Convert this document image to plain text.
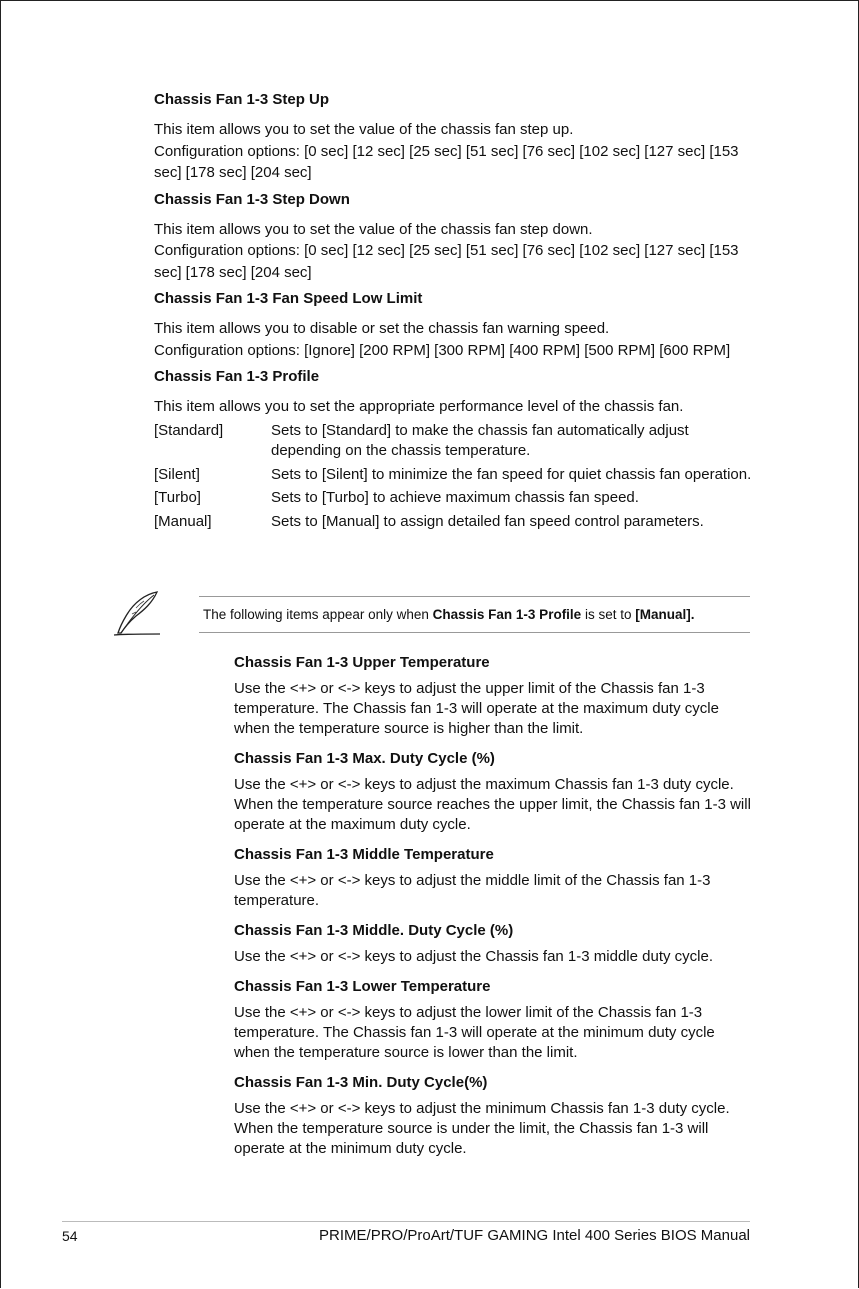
Chassis Fan 1-3 Step Up

This item allows you to set the value of the chassis fan step up.

Configuration options: [0 sec] [12 sec] [25 sec] [51 sec] [76 sec] [102 sec] [127 sec] [153 sec] [178 sec] [204 sec]

Chassis Fan 1-3 Step Down

This item allows you to set the value of the chassis fan step down.

Configuration options: [0 sec] [12 sec] [25 sec] [51 sec] [76 sec] [102 sec] [127 sec] [153 sec] [178 sec] [204 sec]

Chassis Fan 1-3 Fan Speed Low Limit

This item allows you to disable or set the chassis fan warning speed.

Configuration options: [Ignore] [200 RPM] [300 RPM] [400 RPM] [500 RPM] [600 RPM]

Chassis Fan 1-3 Profile

This item allows you to set the appropriate performance level of the chassis fan.

[Standard]	Sets to [Standard] to make the chassis fan automatically adjust depending on the chassis temperature.
[Silent]	Sets to [Silent] to minimize the fan speed for quiet chassis fan operation.
[Turbo]	Sets to [Turbo] to achieve maximum chassis fan speed.
[Manual]	Sets to [Manual] to assign detailed fan speed control parameters.
The following items appear only when Chassis Fan 1-3 Profile is set to [Manual].
Chassis Fan 1-3 Upper Temperature

Use the <+> or <-> keys to adjust the upper limit of the Chassis fan 1-3 temperature. The Chassis fan 1-3 will operate at the maximum duty cycle when the temperature source is higher than the limit.

Chassis Fan 1-3 Max. Duty Cycle (%)

Use the <+> or <-> keys to adjust the maximum Chassis fan 1-3 duty cycle. When the temperature source reaches the upper limit, the Chassis fan 1-3 will operate at the maximum duty cycle.

Chassis Fan 1-3 Middle Temperature

Use the <+> or <-> keys to adjust the middle limit of the Chassis fan 1-3 temperature.

Chassis Fan 1-3 Middle. Duty Cycle (%)

Use the <+> or <-> keys to adjust the Chassis fan 1-3 middle duty cycle.

Chassis Fan 1-3 Lower Temperature

Use the <+> or <-> keys to adjust the lower limit of the Chassis fan 1-3 temperature. The Chassis fan 1-3 will operate at the minimum duty cycle when the temperature source is lower than the limit.

Chassis Fan 1-3 Min. Duty Cycle(%)

Use the <+> or <-> keys to adjust the minimum Chassis fan 1-3 duty cycle. When the temperature source is under the limit, the Chassis fan 1-3 will operate at the minimum duty cycle.

54	PRIME/PRO/ProArt/TUF GAMING Intel 400 Series BIOS Manual
